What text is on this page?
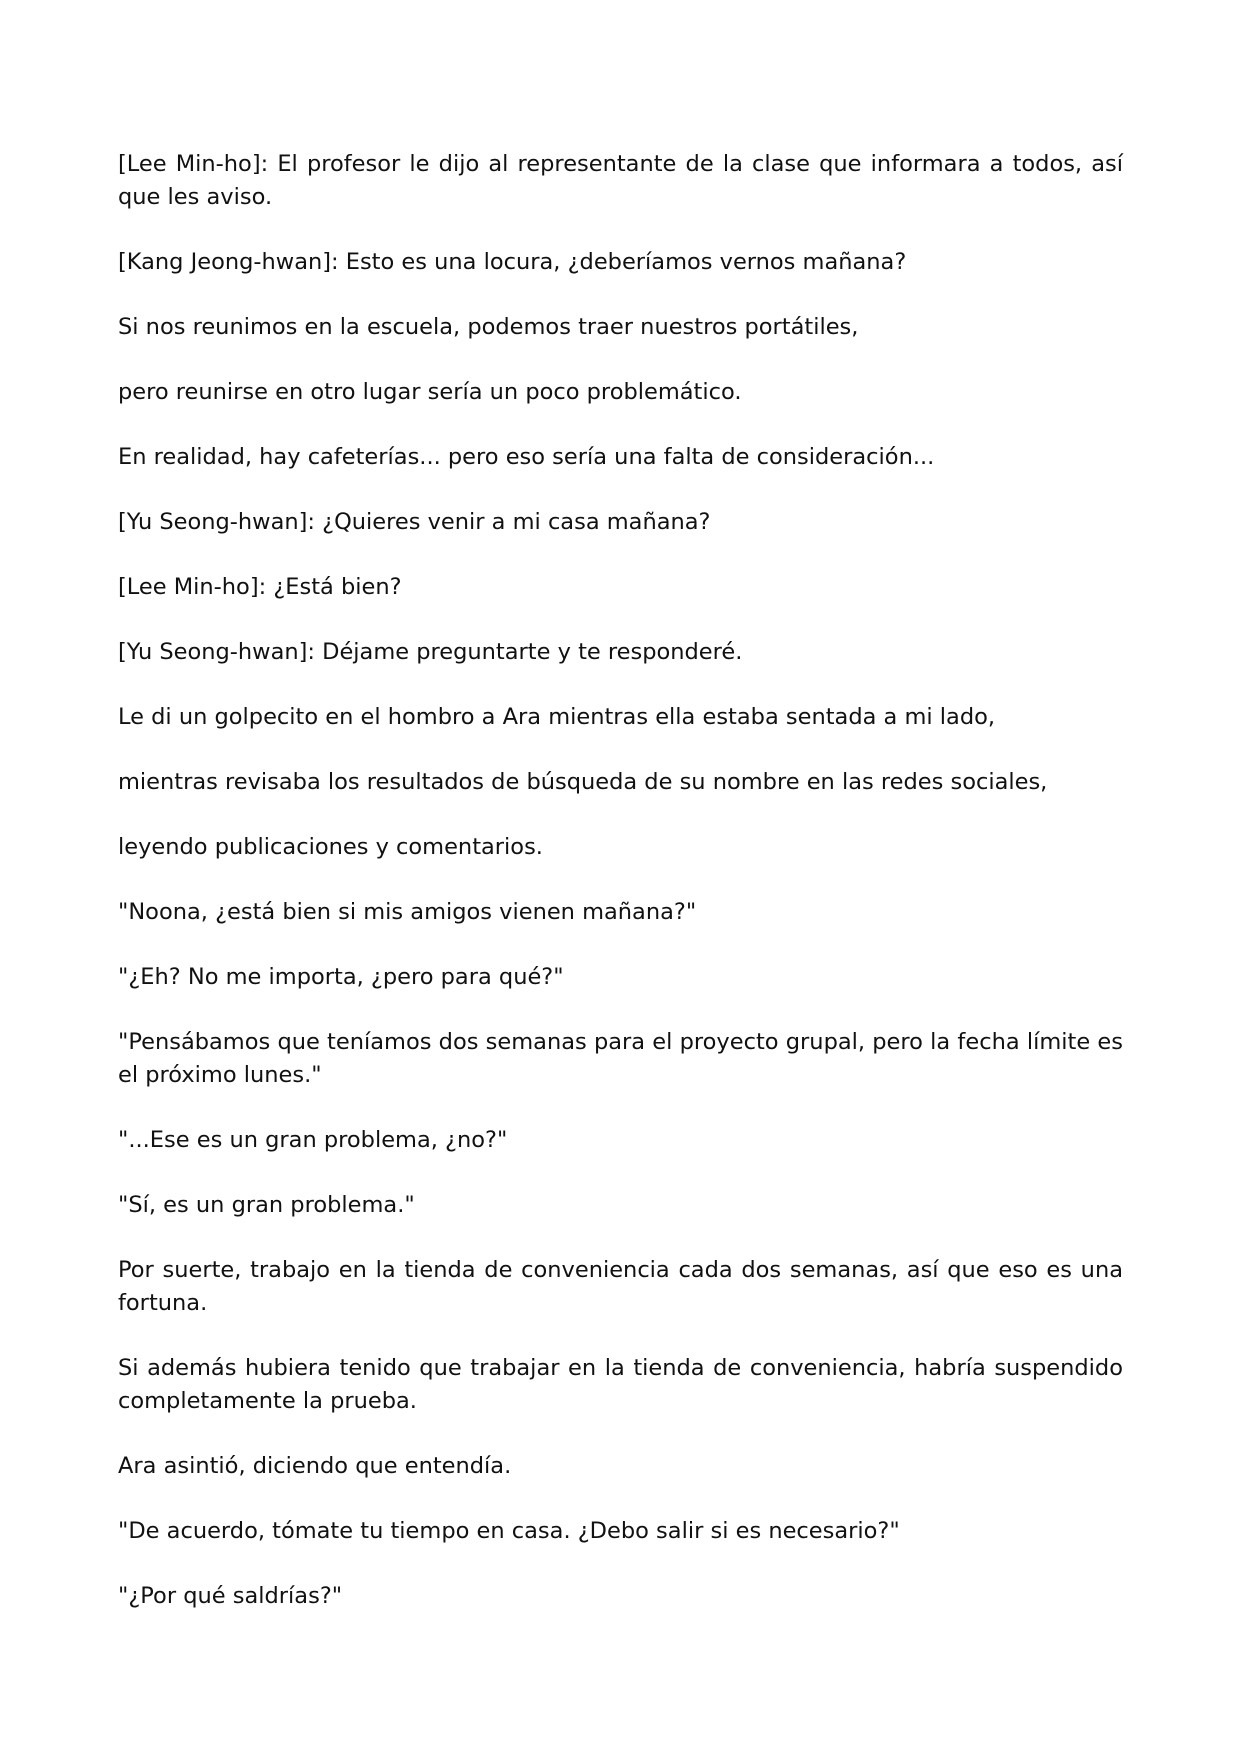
[Lee Min-ho]: El profesor le dijo al representante de la clase que informara a todos, así que les aviso.

[Kang Jeong-hwan]: Esto es una locura, ¿deberíamos vernos mañana?

Si nos reunimos en la escuela, podemos traer nuestros portátiles,

pero reunirse en otro lugar sería un poco problemático.

En realidad, hay cafeterías... pero eso sería una falta de consideración...

[Yu Seong-hwan]: ¿Quieres venir a mi casa mañana?

[Lee Min-ho]: ¿Está bien?

[Yu Seong-hwan]: Déjame preguntarte y te responderé.

Le di un golpecito en el hombro a Ara mientras ella estaba sentada a mi lado,

mientras revisaba los resultados de búsqueda de su nombre en las redes sociales,

leyendo publicaciones y comentarios.

"Noona, ¿está bien si mis amigos vienen mañana?"

"¿Eh? No me importa, ¿pero para qué?"

"Pensábamos que teníamos dos semanas para el proyecto grupal, pero la fecha límite es el próximo lunes."

"...Ese es un gran problema, ¿no?"

"Sí, es un gran problema."

Por suerte, trabajo en la tienda de conveniencia cada dos semanas, así que eso es una fortuna.

Si además hubiera tenido que trabajar en la tienda de conveniencia, habría suspendido completamente la prueba.

Ara asintió, diciendo que entendía.

"De acuerdo, tómate tu tiempo en casa. ¿Debo salir si es necesario?"

"¿Por qué saldrías?"
